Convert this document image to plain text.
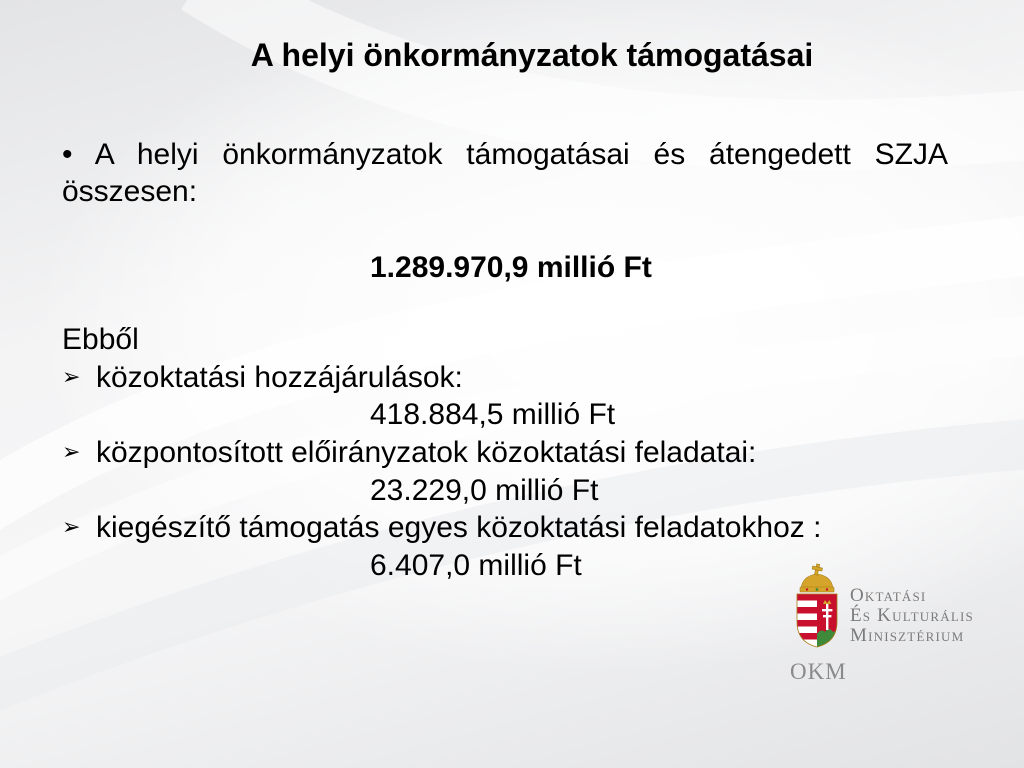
A helyi önkormányzatok támogatásai
• A helyi önkormányzatok támogatásai és átengedett SZJA összesen:
1.289.970,9 millió Ft
Ebből
➢ közoktatási hozzájárulások:
418.884,5 millió Ft
➢ központosított előirányzatok közoktatási feladatai:
23.229,0 millió Ft
➢ kiegészítő támogatás egyes közoktatási feladatokhoz :
6.407,0 millió Ft
Oktatási
És Kulturális
Minisztérium
OKM
